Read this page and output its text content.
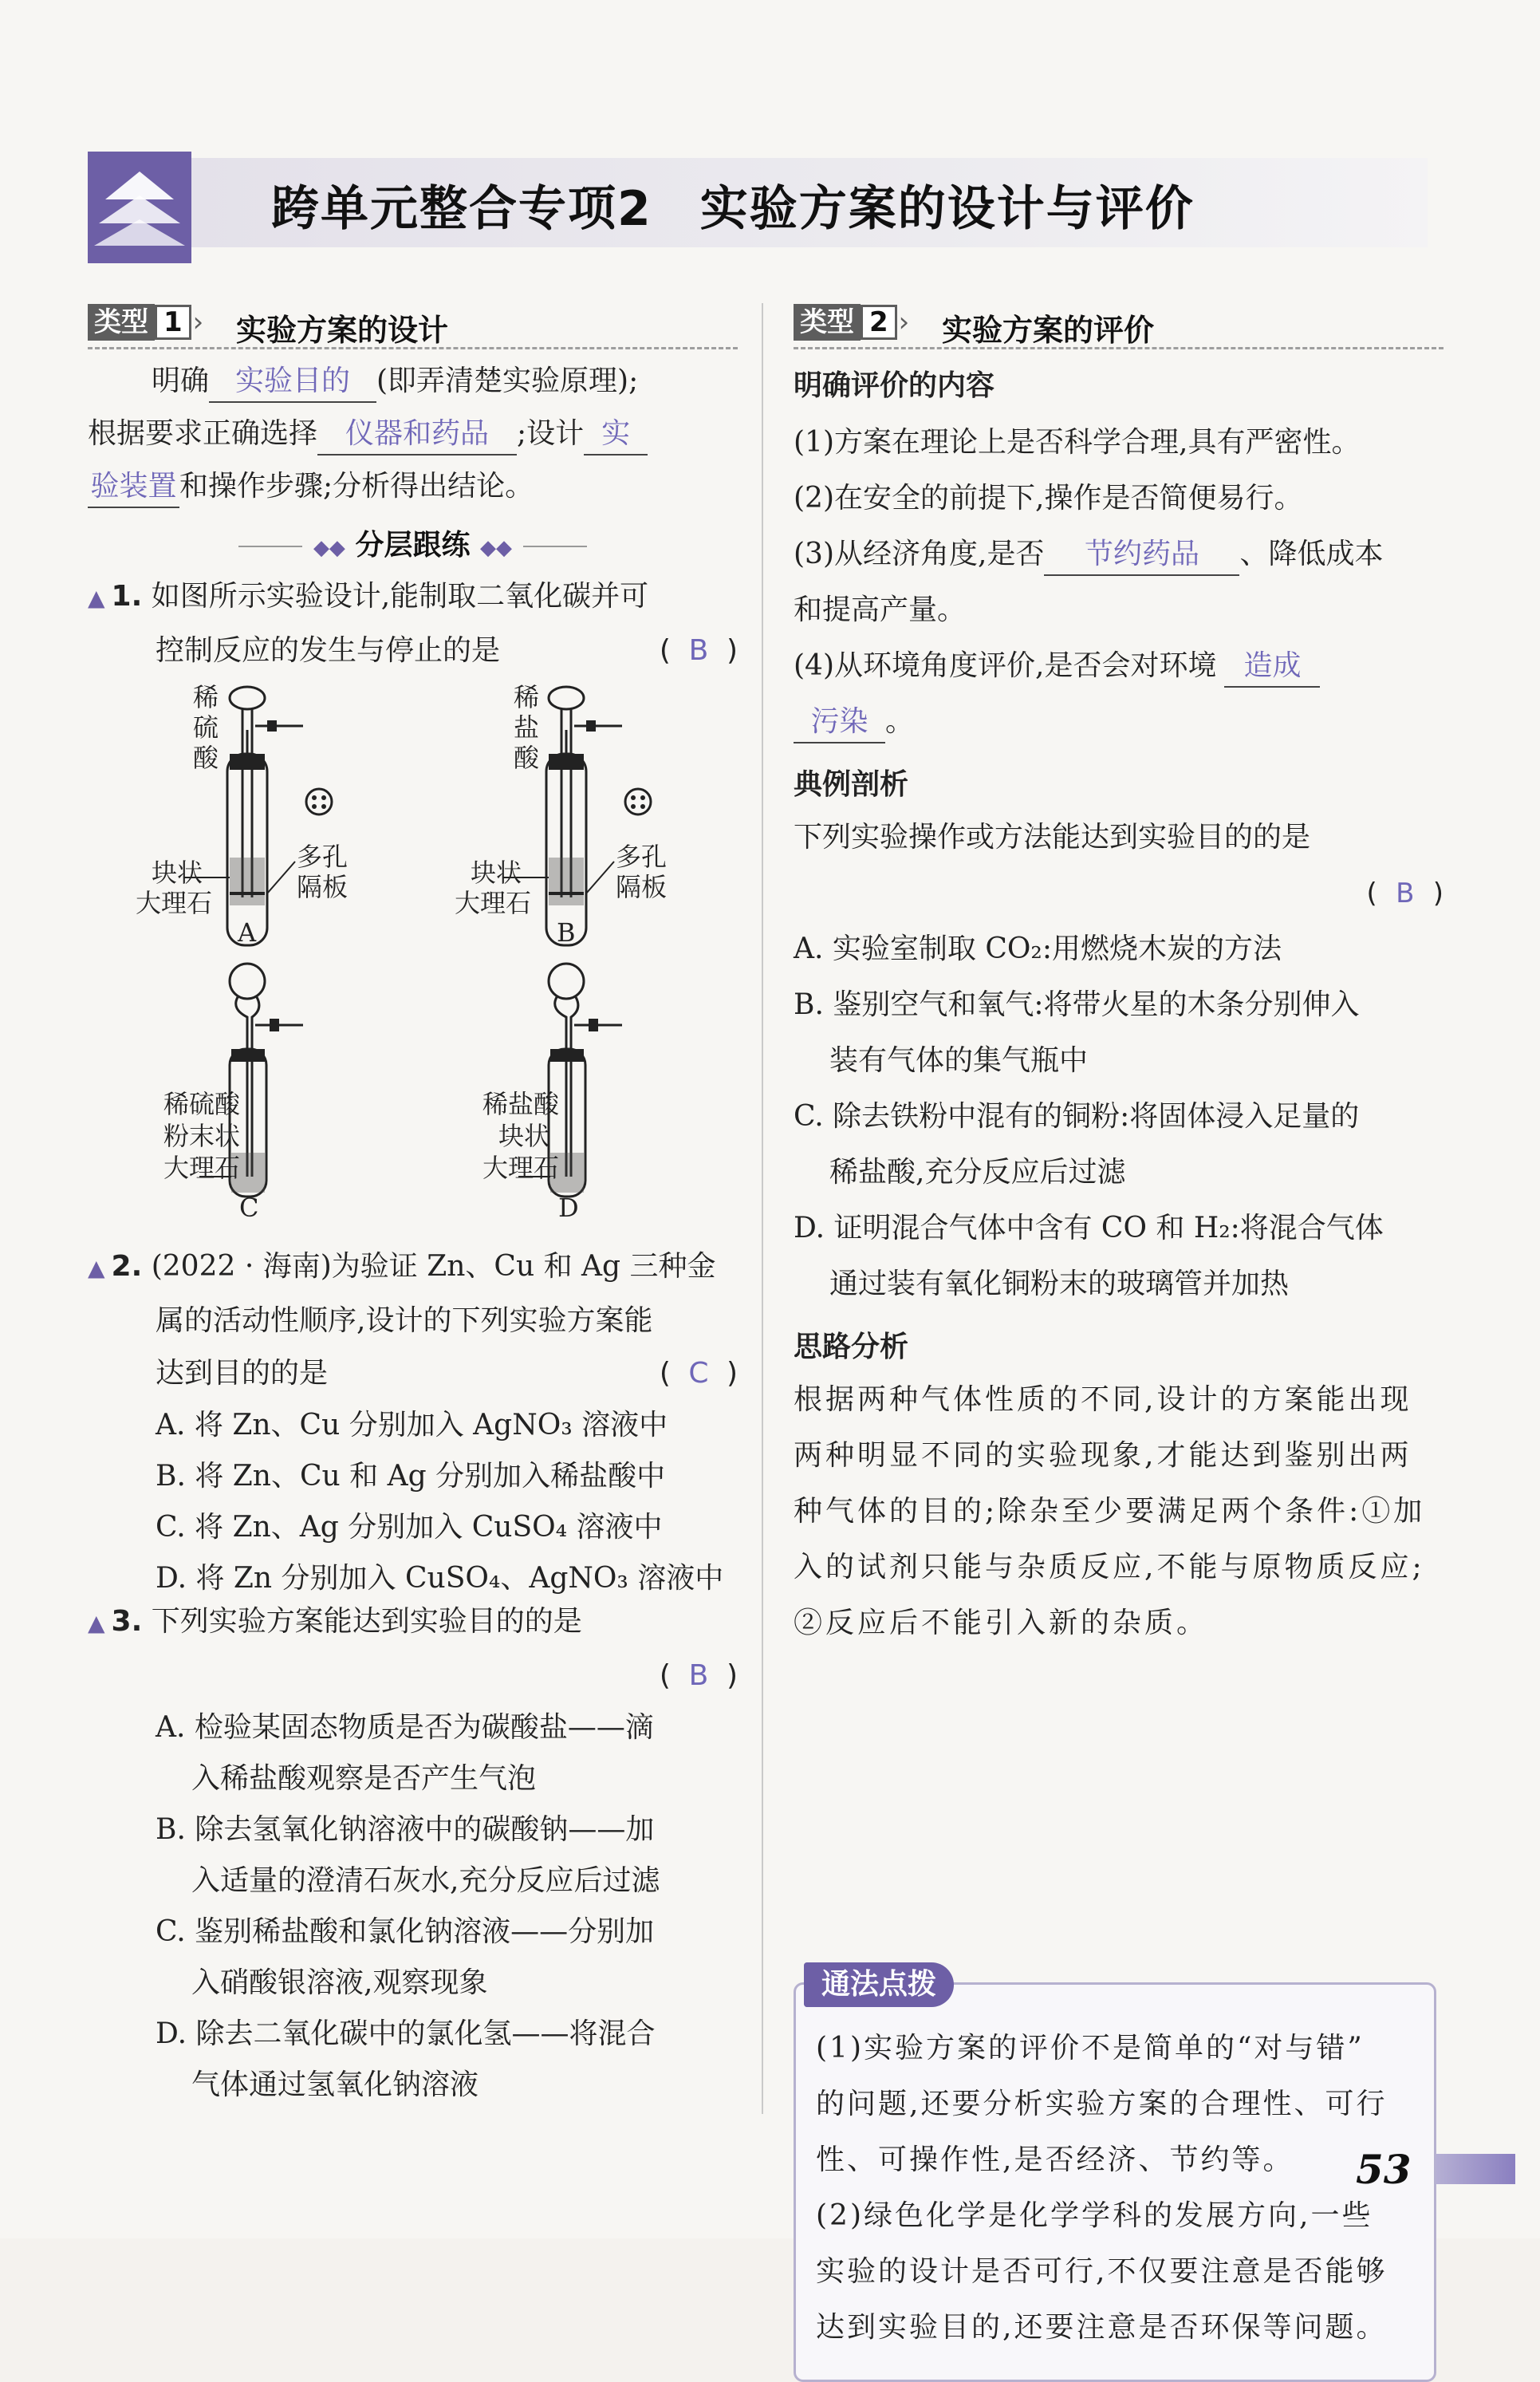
跨单元整合专项2 实验方案的设计与评价
类型 1 › 实验方案的设计
明确 实验目的 (即弄清楚实验原理);
根据要求正确选择 仪器和药品 ;设计 实
验装置和操作步骤;分析得出结论。
◆◆ 分层跟练 ◆◆
▲ 1. 如图所示实验设计,能制取二氧化碳并可
控制反应的发生与停止的是	( B )
稀
硫
酸
块状
大理石
多孔
隔板
A
稀
盐
酸
块状
大理石
多孔
隔板
B
稀硫酸
粉末状
大理石
C
稀盐酸
块状
大理石
D
▲ 2. (2022 · 海南)为验证 Zn、Cu 和 Ag 三种金
属的活动性顺序,设计的下列实验方案能
达到目的的是	( C )
A. 将 Zn、Cu 分别加入 AgNO₃ 溶液中
B. 将 Zn、Cu 和 Ag 分别加入稀盐酸中
C. 将 Zn、Ag 分别加入 CuSO₄ 溶液中
D. 将 Zn 分别加入 CuSO₄、AgNO₃ 溶液中
▲ 3. 下列实验方案能达到实验目的的是
( B )
A. 检验某固态物质是否为碳酸盐——滴
入稀盐酸观察是否产生气泡
B. 除去氢氧化钠溶液中的碳酸钠——加
入适量的澄清石灰水,充分反应后过滤
C. 鉴别稀盐酸和氯化钠溶液——分别加
入硝酸银溶液,观察现象
D. 除去二氧化碳中的氯化氢——将混合
气体通过氢氧化钠溶液
类型 2 › 实验方案的评价
明确评价的内容
(1)方案在理论上是否科学合理,具有严密性。
(2)在安全的前提下,操作是否简便易行。
(3)从经济角度,是否 节约药品 、降低成本
和提高产量。
(4)从环境角度评价,是否会对环境 造成
污染 。
典例剖析
下列实验操作或方法能达到实验目的的是
( B )
A. 实验室制取 CO₂:用燃烧木炭的方法
B. 鉴别空气和氧气:将带火星的木条分别伸入
装有气体的集气瓶中
C. 除去铁粉中混有的铜粉:将固体浸入足量的
稀盐酸,充分反应后过滤
D. 证明混合气体中含有 CO 和 H₂:将混合气体
通过装有氧化铜粉末的玻璃管并加热
思路分析
根据两种气体性质的不同,设计的方案能出现
两种明显不同的实验现象,才能达到鉴别出两
种气体的目的;除杂至少要满足两个条件:①加
入的试剂只能与杂质反应,不能与原物质反应;
②反应后不能引入新的杂质。
通法点拨
(1)实验方案的评价不是简单的“对与错”
的问题,还要分析实验方案的合理性、可行
性、可操作性,是否经济、节约等。
(2)绿色化学是化学学科的发展方向,一些
实验的设计是否可行,不仅要注意是否能够
达到实验目的,还要注意是否环保等问题。
53
